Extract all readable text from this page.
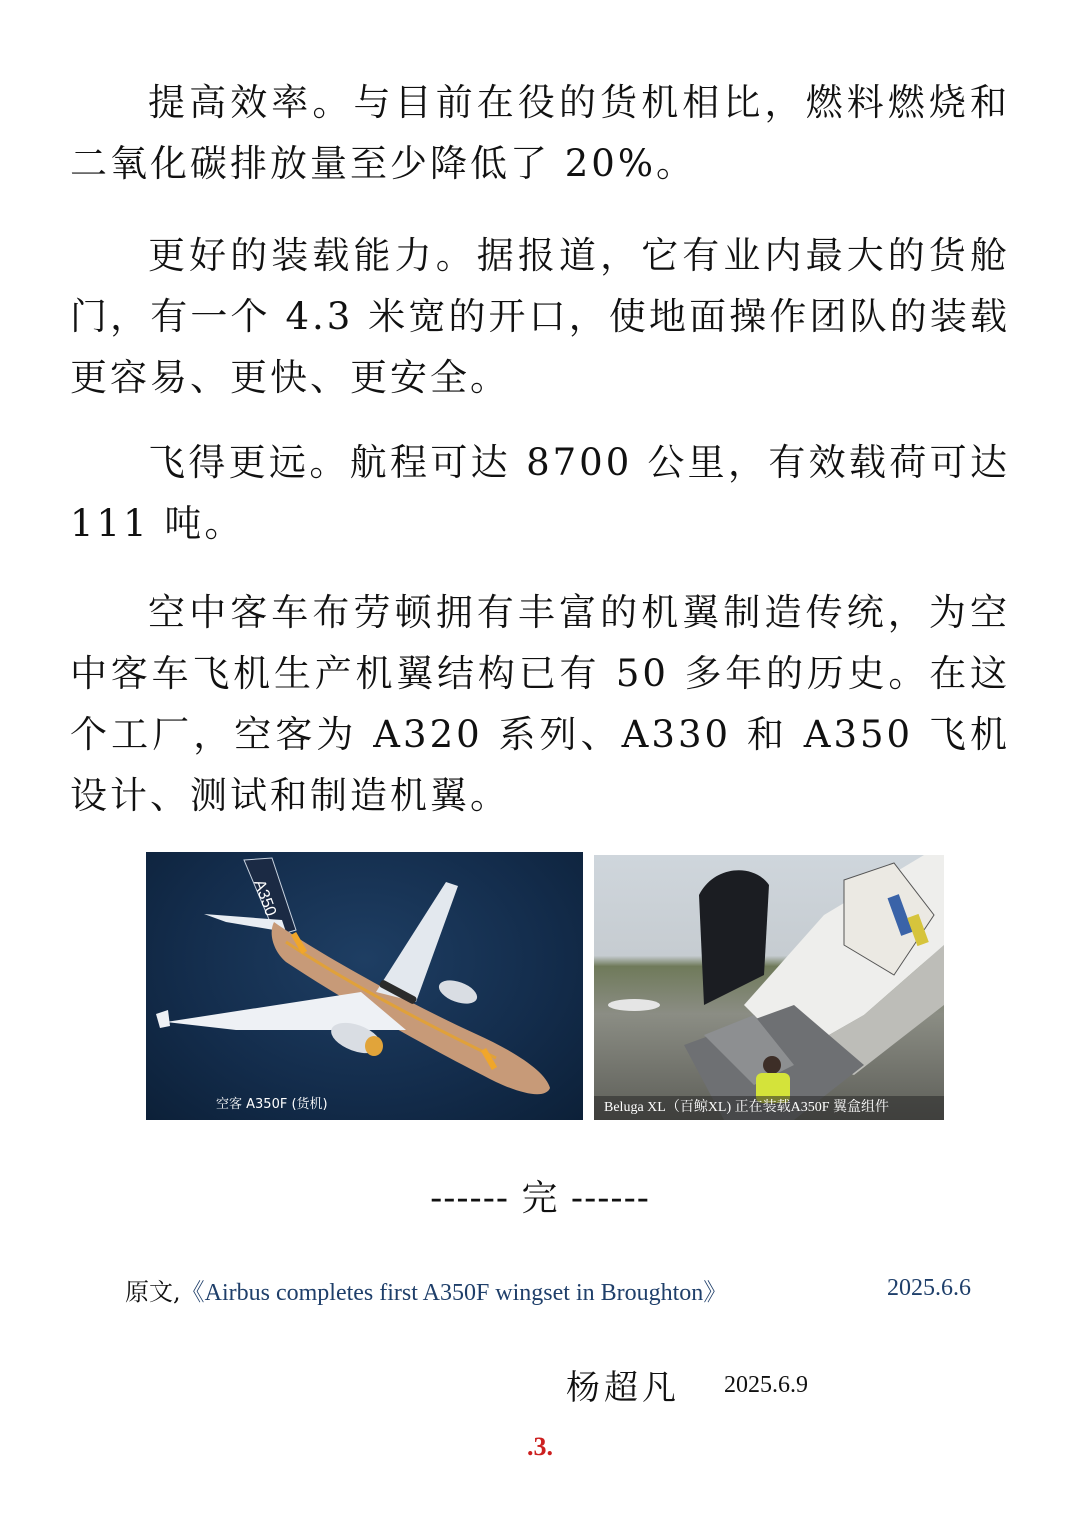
提高效率。与目前在役的货机相比，燃料燃烧和二氧化碳排放量至少降低了 20%。

更好的装载能力。据报道，它有业内最大的货舱门，有一个 4.3 米宽的开口，使地面操作团队的装载更容易、更快、更安全。

飞得更远。航程可达 8700 公里，有效载荷可达111 吨。

空中客车布劳顿拥有丰富的机翼制造传统，为空中客车飞机生产机翼结构已有 50 多年的历史。在这个工厂，空客为 A320 系列、A330 和 A350 飞机设计、测试和制造机翼。

A350
空客 A350F (货机)	Beluga XL（百鲸XL) 正在装载A350F 翼盒组件
------ 完 ------
原文,《Airbus completes first A350F wingset in Broughton》	2025.6.6
杨超凡 2025.6.9
.3.
